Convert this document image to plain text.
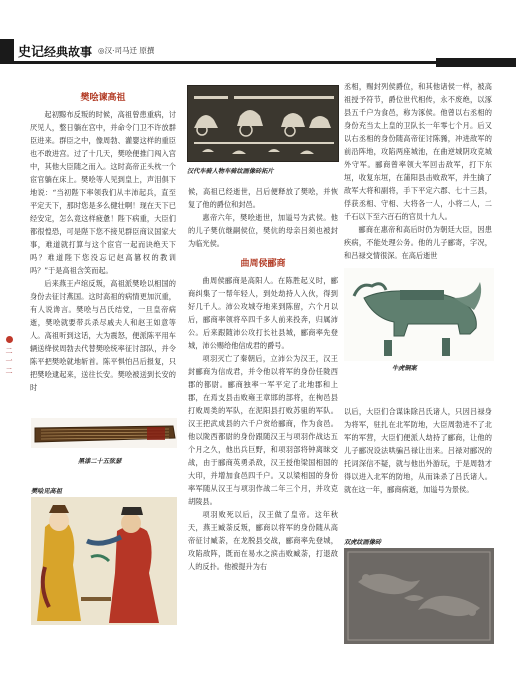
史记经典故事 ◎汉·司马迁 原撰
二一二
樊哙谏高祖

起初黥布反叛的时候，高祖曾患重病，讨厌见人，整日躺在宫中，并命令门卫不许放群臣进来。群臣之中，像周勃、灌婴这样的重臣也不敢进宫。过了十几天，樊哙便推门闯入宫中，其他大臣随之而入。这时高帝正头枕一个宦官躺在床上。樊哙等人见到皇上，声泪俱下地说：“当初陛下率领我们从丰沛起兵，直至平定天下，那时您是多么健壮啊！现在天下已经安定，怎么竟这样疲惫！陛下病重，大臣们都很惶恐，可是陛下您不接见群臣商议国家大事，难道就打算与这个宦官一起而诀绝天下吗？难道陛下您没忘记赵高篡权的教训吗？”于是高祖含笑而起。

后来燕王卢绾反叛，高祖派樊哙以相国的身份去征讨燕国。这时高祖的病情更加沉重，有人说谗言。樊哙与吕氏结党，一旦皇帝病逝，樊哙就要带兵杀尽戚夫人和赵王如意等人。高祖听到这话，大为震怒，便派陈平用车辆送绛侯周勃去代替樊哙统率征讨部队，并令陈平把樊哙就地斩首。陈平惧怕吕后报复，只把樊哙逮起来，送往长安。樊哙被送到长安的时

汉代车骑人物车骑纹画像砖拓片

候，高祖已经逝世，吕后便释放了樊哙，并恢复了他的爵位和封邑。

惠帝六年，樊哙逝世，加谥号为武侯。他的儿子樊伉继嗣侯位，樊伉的母亲吕须也被封为临光侯。

曲周侯郦商

曲周侯郦商是高阳人。在陈胜起义时，郦商纠集了一帮年轻人，到处劫持人入伙，得到好几千人。沛公攻城夺地来到陈留，六个月以后，郦商率领将卒四千多人前来投奔，归属沛公。后来跟随沛公攻打长社县城，郦商率先登城，沛公赐给他信成君的爵号。

项羽灭亡了秦朝后，立沛公为汉王，汉王封郦商为信成君，并令他以将军的身份任陇西郡的都尉。郦商独率一军平定了北地郡和上郡，在焉支县击败雍王章邯的部将，在栒邑县打败周类的军队，在泥阳县打败苏驵的军队。汉王把武成县的六千户赏给郦商，作为食邑。他以陇西都尉的身份跟随汉王与项羽作战达五个月之久，他出兵巨野，和项羽部将钟离昧交战，由于郦商英勇杀敌，汉王授他梁国相国的大印，并增加食邑四千户。又以梁相国的身份率军随从汉王与项羽作战二年三个月，并攻克胡陵县。

项羽败死以后，汉王做了皇帝。这年秋天，燕王臧荼反叛，郦商以将军的身份随从高帝征讨臧荼，在龙脱县交战，郦商率先登城，攻陷敌阵，既而在易水之滨击败臧荼，打退敌人的反扑。他被提升为右

丞相，赐封列侯爵位，和其他诸侯一样，被高祖授予符节，爵位世代相传，永不废绝，以涿县五千户为食邑，称为涿侯。他曾以右丞相的身份充当太上皇的卫队长一年零七个月。后又以右丞相的身份随高帝征讨陈豨，冲进敌军的前沿阵地，攻陷两座城池，在曲逆城阴攻克城外守军。郦商曾率领大军回击敌军，打下东垣，收复东垣，在蒲阳县击败敌军，并生擒了敌军大将和副将，手下平定六郡、七十三县，俘获丞相、守相、大将各一人，小将二人，二千石以下至六百石的官员十九人。

郦商在惠帝和高后时仍为朝廷大臣，因患疾病，不能处理公务。他的儿子郦寄，字况，和吕禄交情很深。在高后逝世

牛虎铜案

以后，大臣们合谋诛除吕氏诸人，只因吕禄身为将军，驻扎在北军防地，大臣周勃进不了北军的军营，大臣们便派人劫持了郦商，让他的儿子郦况设法哄骗吕禄让出来。吕禄对郦况的托词深信不疑，就与他出外游玩，于是周勃才得以进入北军的防地，从而诛杀了吕氏诸人。就在这一年，郦商病逝，加谥号为景侯。

黑漆二十五弦瑟
樊哙见高祖
双虎纹画像砖
